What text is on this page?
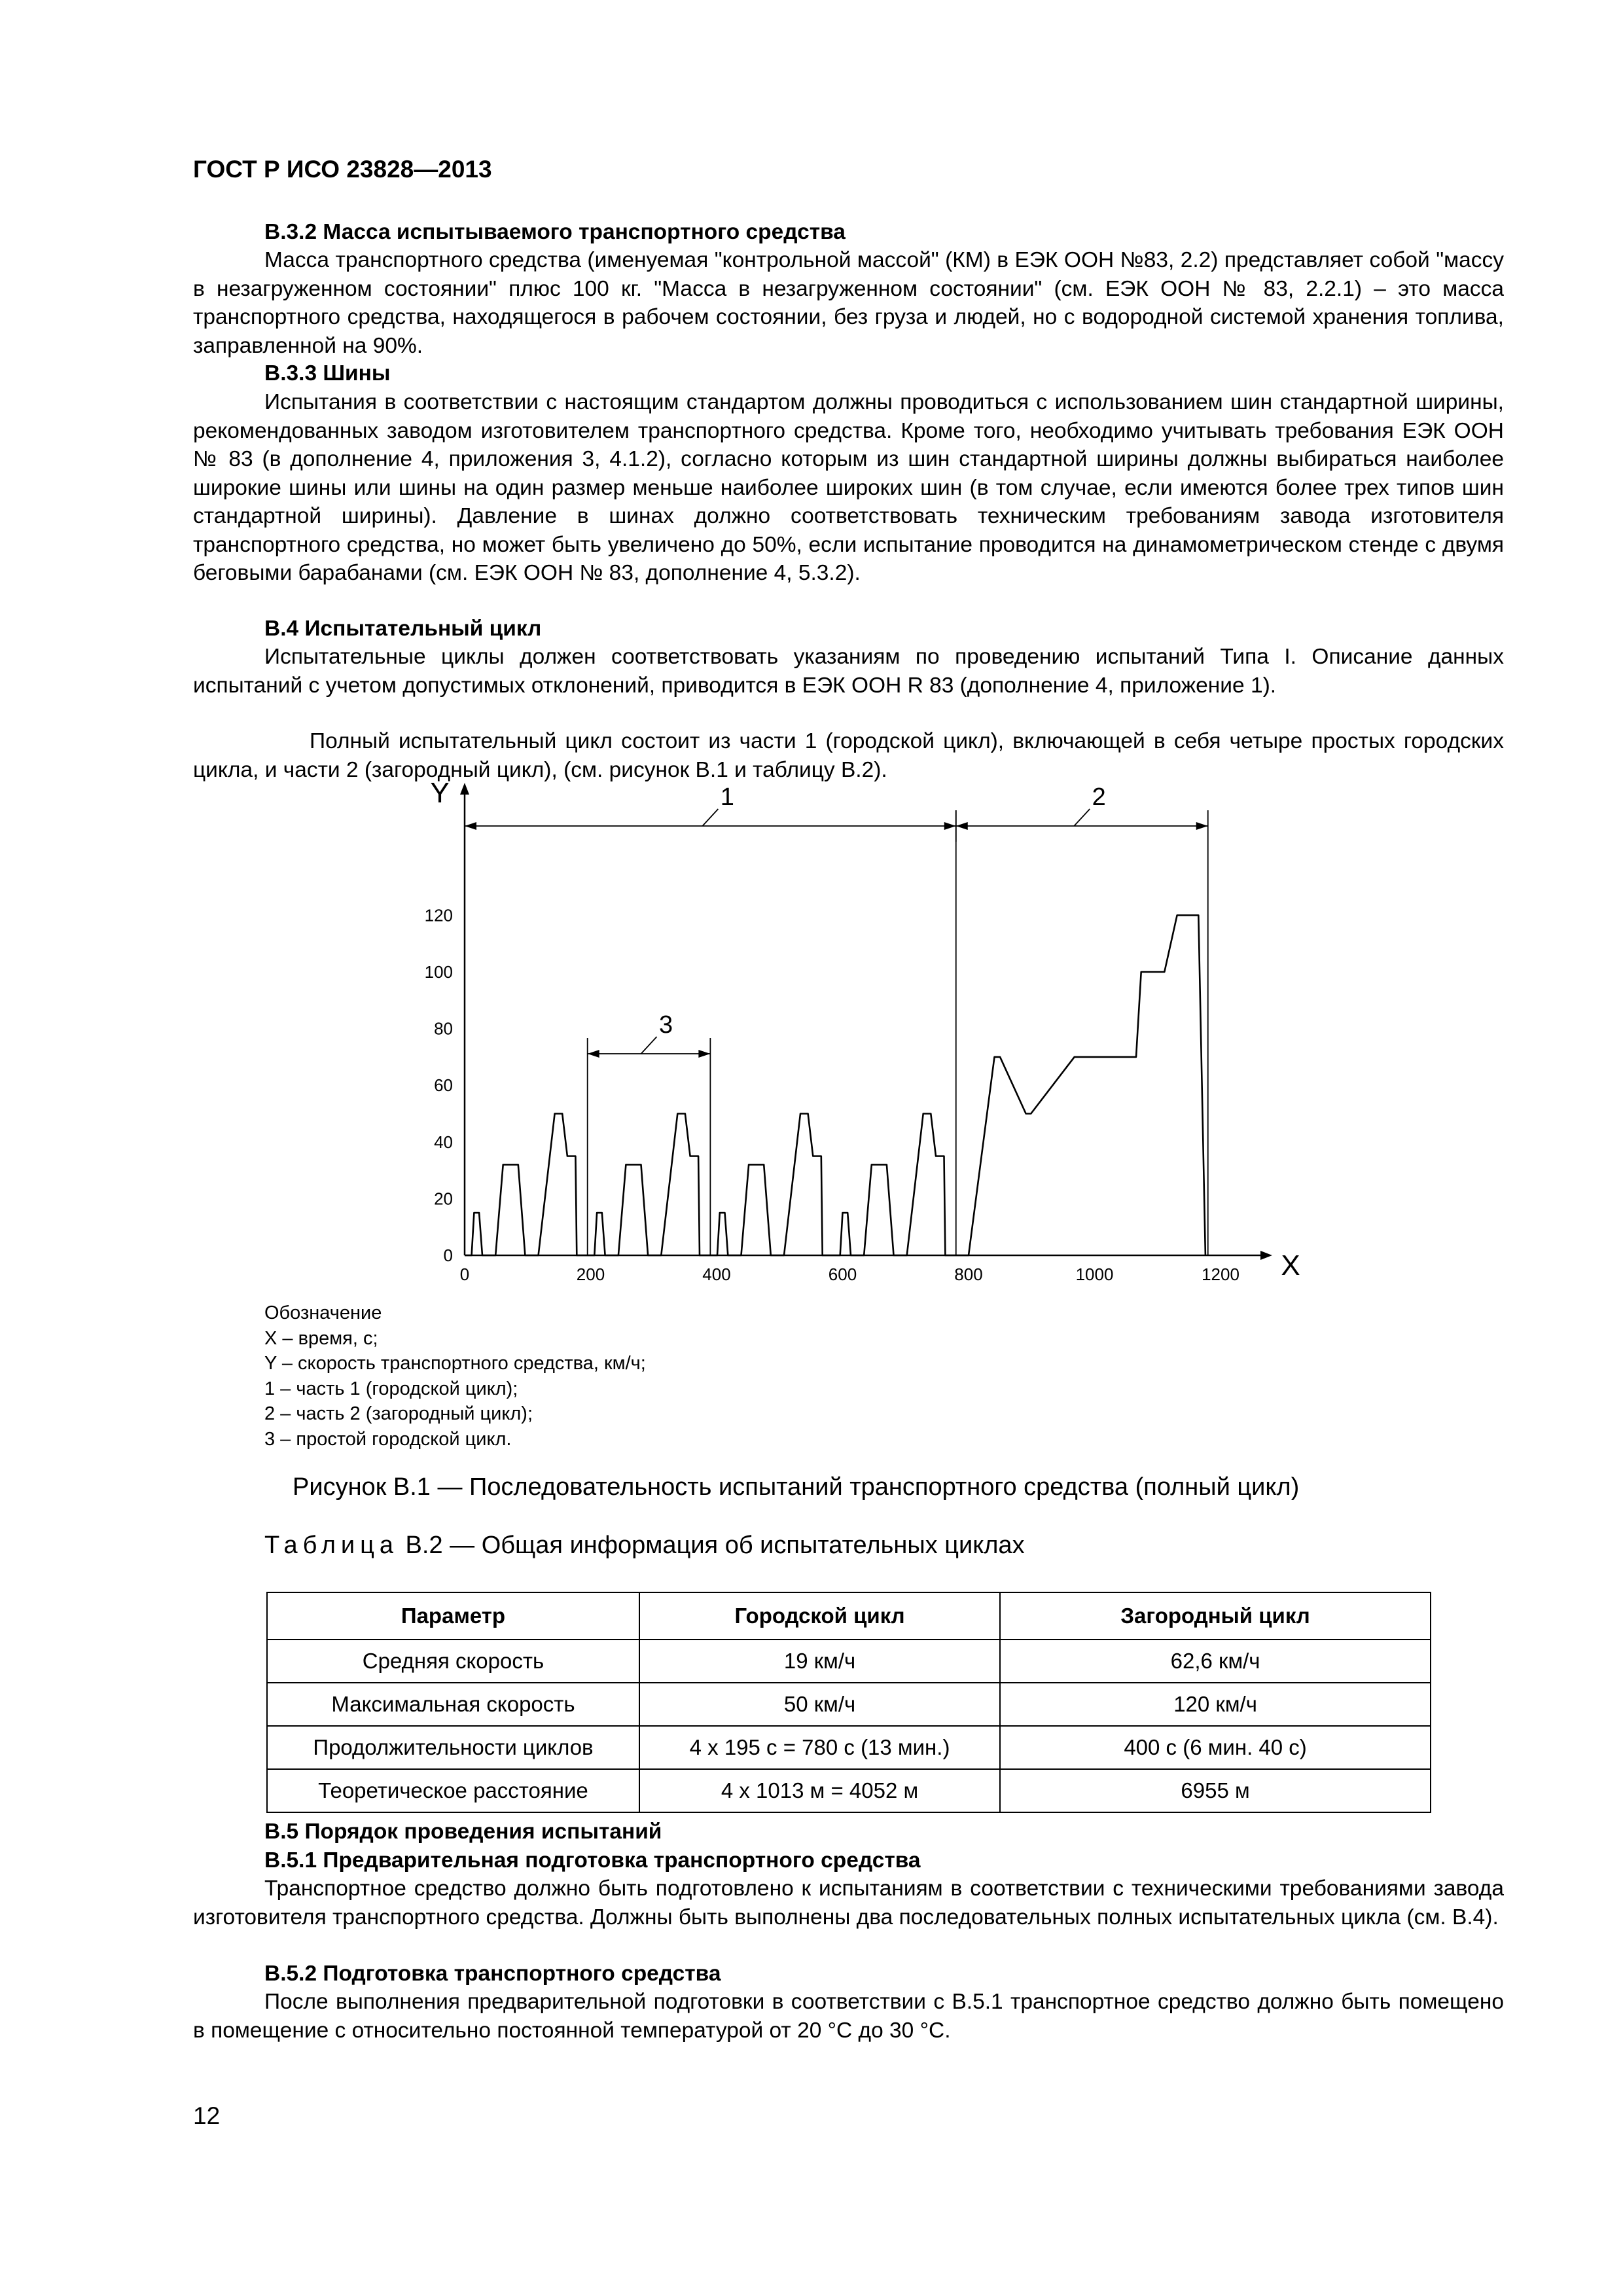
ГОСТ Р ИСО 23828—2013
В.3.2 Масса испытываемого транспортного средства
Масса транспортного средства (именуемая "контрольной массой" (КМ) в ЕЭК ООН №83, 2.2) представляет собой "массу в незагруженном состоянии" плюс 100 кг. "Масса в незагруженном состоянии" (см. ЕЭК ООН № 83, 2.2.1) – это масса транспортного средства, находящегося в рабочем состоянии, без груза и людей, но с водородной системой хранения топлива, заправленной на 90%.
В.3.3 Шины
Испытания в соответствии с настоящим стандартом должны проводиться с использованием шин стандартной ширины, рекомендованных заводом изготовителем транспортного средства. Кроме того, необходимо учитывать требования ЕЭК ООН № 83 (в дополнение 4, приложения 3, 4.1.2), согласно которым из шин стандартной ширины должны выбираться наиболее широкие шины или шины на один размер меньше наиболее широких шин (в том случае, если имеются более трех типов шин стандартной ширины). Давление в шинах должно соответствовать техническим требованиям завода изготовителя транспортного средства, но может быть увеличено до 50%, если испытание проводится на динамометрическом стенде с двумя беговыми барабанами (см. ЕЭК ООН № 83, дополнение 4, 5.3.2).
В.4 Испытательный цикл
Испытательные циклы должен соответствовать указаниям по проведению испытаний Типа I. Описание данных испытаний с учетом допустимых отклонений, приводится в ЕЭК ООН R 83 (дополнение 4, приложение 1).
Полный испытательный цикл состоит из части 1 (городской цикл), включающей в себя четыре простых городских цикла, и части 2 (загородный цикл), (см. рисунок В.1 и таблицу В.2).
X
Y
0	200	400	600	800	1000	1200
0
20
40
60
80
100
120
1	2
3
Обозначение
X – время, с;
Y – скорость транспортного средства, км/ч;
1 – часть 1 (городской цикл);
2 – часть 2 (загородный цикл);
3 – простой городской цикл.
Рисунок В.1 — Последовательность испытаний транспортного средства (полный цикл)
Таблица В.2 — Общая информация об испытательных циклах
Параметр	Городской цикл	Загородный цикл
Средняя скорость	19 км/ч	62,6 км/ч
Максимальная скорость	50 км/ч	120 км/ч
Продолжительности циклов	4 x 195 с = 780 с (13 мин.)	400 с (6 мин. 40 с)
Теоретическое расстояние	4 x 1013 м = 4052 м	6955 м
В.5 Порядок проведения испытаний
В.5.1 Предварительная подготовка транспортного средства
Транспортное средство должно быть подготовлено к испытаниям в соответствии с техническими требованиями завода изготовителя транспортного средства. Должны быть выполнены два последовательных полных испытательных цикла (см. В.4).
В.5.2 Подготовка транспортного средства
После выполнения предварительной подготовки в соответствии с В.5.1 транспортное средство должно быть помещено в помещение с относительно постоянной температурой от 20 °С до 30 °С.
12
